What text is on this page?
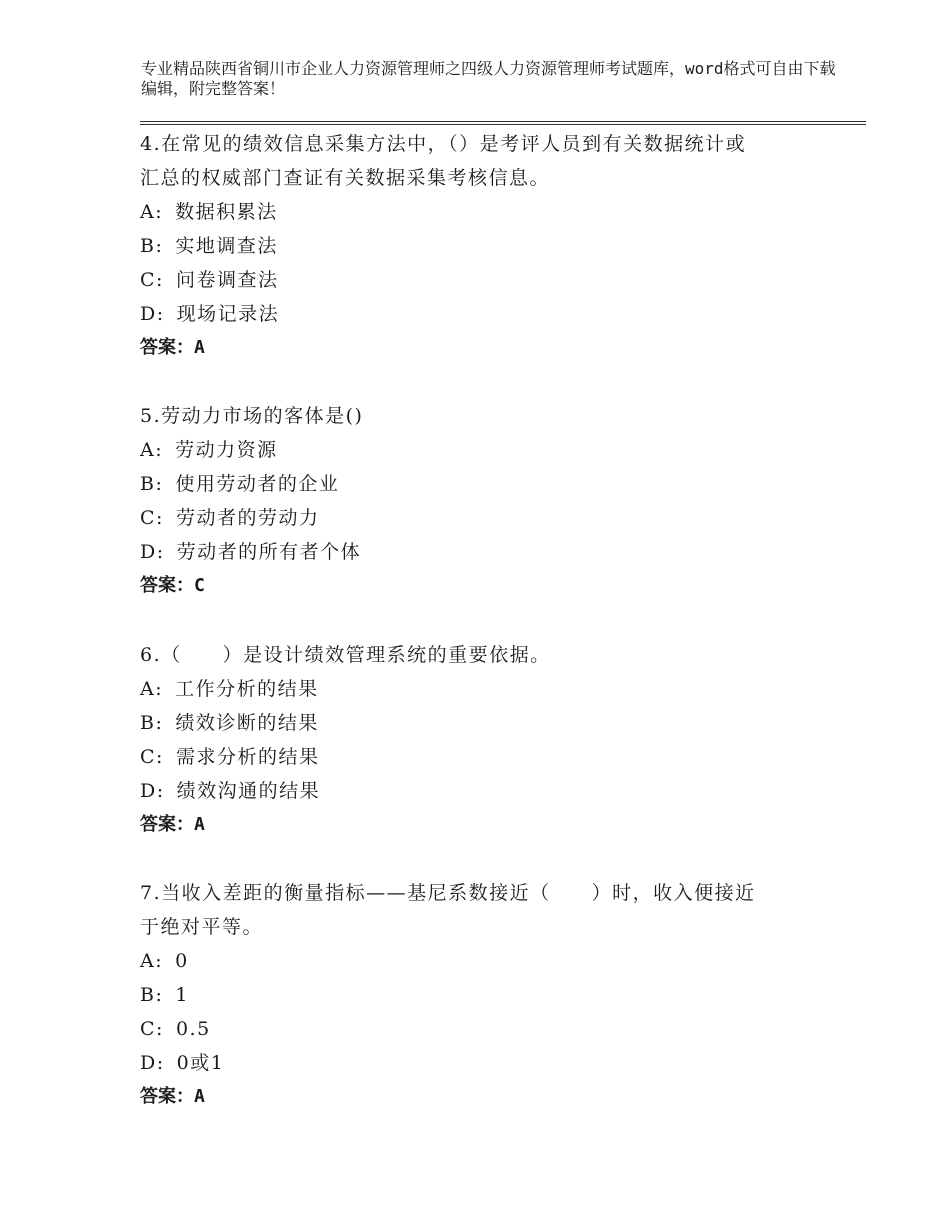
专业精品陕西省铜川市企业人力资源管理师之四级人力资源管理师考试题库，word格式可自由下载编辑，附完整答案！

4.在常见的绩效信息采集方法中，（）是考评人员到有关数据统计或

汇总的权威部门查证有关数据采集考核信息。

A: 数据积累法

B: 实地调查法

C: 问卷调查法

D: 现场记录法

答案：A

5.劳动力市场的客体是()

A: 劳动力资源

B: 使用劳动者的企业

C: 劳动者的劳动力

D: 劳动者的所有者个体

答案：C

6.（　　）是设计绩效管理系统的重要依据。

A: 工作分析的结果

B: 绩效诊断的结果

C: 需求分析的结果

D: 绩效沟通的结果

答案：A

7.当收入差距的衡量指标——基尼系数接近（　　）时，收入便接近

于绝对平等。

A: 0

B: 1

C: 0.5

D: 0或1

答案：A
